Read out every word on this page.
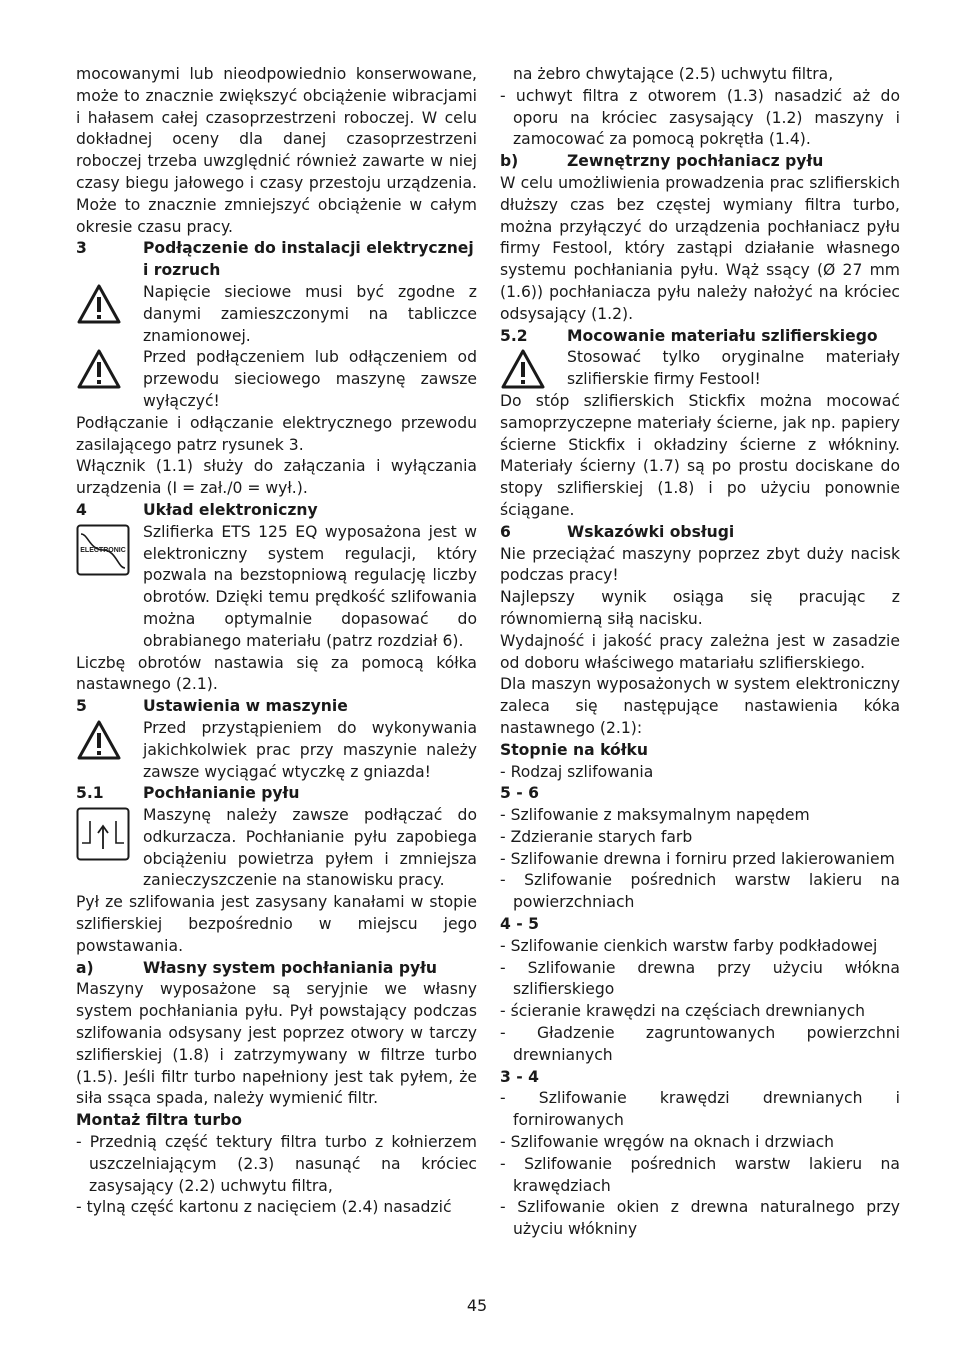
mocowanymi lub nieodpowiednio konserwowane, może to znacznie zwiększyć obciążenie wibracjami i hałasem całej czasoprzestrzeni roboczej. W celu dokładnej oceny dla danej czasoprzestrzeni roboczej trzeba uwzględnić również zawarte w niej czasy biegu jałowego i czasy przestoju urządzenia. Może to znacznie zmniejszyć obciążenie w całym okresie czasu pracy.

3	Podłączenie do instalacji elektrycznej i rozruch

Napięcie sieciowe musi być zgodne z danymi zamieszczonymi na tabliczce znamionowej.

Przed podłączeniem lub odłączeniem od przewodu sieciowego maszynę zawsze wyłączyć!

Podłączanie i odłączanie elektrycznego przewodu zasilającego patrz rysunek 3.

Włącznik (1.1) służy do załączania i wyłączania urządzenia (I = zał./0 = wył.).

4	Układ elektroniczny
ELECTRONIC

Szlifierka ETS 125 EQ wyposażona jest w elektroniczny system regulacji, który pozwala na bezstopniową regulację liczby obrotów. Dzięki temu prędkość szlifowania można optymalnie dopasować do obrabianego materiału (patrz rozdział 6).

Liczbę obrotów nastawia się za pomocą kółka nastawnego (2.1).

5	Ustawienia w maszynie

Przed przystąpieniem do wykonywania jakichkolwiek prac przy maszynie należy zawsze wyciągać wtyczkę z gniazda!

5.1	Pochłanianie pyłu

Maszynę należy zawsze podłączać do odkurzacza. Pochłanianie pyłu zapobiega obciążeniu powietrza pyłem i zmniejsza zanieczyszczenie na stanowisku pracy.

Pył ze szlifowania jest zasysany kanałami w stopie szlifierskiej bezpośrednio w miejscu jego powstawania.

a)	Własny system pochłaniania pyłu

Maszyny wyposażone są seryjnie we własny system pochłaniania pyłu. Pył powstający podczas szlifowania odsysany jest poprzez otwory w tarczy szlifierskiej (1.8) i zatrzymywany w filtrze turbo (1.5). Jeśli filtr turbo napełniony jest tak pyłem, że siła ssąca spada, należy wymienić filtr.

Montaż filtra turbo

- Przednią część tektury filtra turbo z kołnierzem uszczelniającym (2.3) nasunąć na króciec zasysający (2.2) uchwytu filtra,
- tylną część kartonu z nacięciem (2.4) nasadzić

na żebro chwytające (2.5) uchwytu filtra,

- uchwyt filtra z otworem (1.3) nasadzić aż do oporu na króciec zasysający (1.2) maszyny i zamocować za pomocą pokrętła (1.4).
b)	Zewnętrzny pochłaniacz pyłu

W celu umożliwienia prowadzenia prac szlifierskich dłuższy czas bez częstej wymiany filtra turbo, można przyłączyć do urządzenia pochłaniacz pyłu firmy Festool, który zastąpi działanie własnego systemu pochłaniania pyłu. Wąż ssący (Ø 27 mm (1.6)) pochłaniacza pyłu należy nałożyć na króciec odsysający (1.2).

5.2	Mocowanie materiału szlifierskiego

Stosować tylko oryginalne materiały szlifierskie firmy Festool!

Do stóp szlifierskich Stickfix można mocować samoprzyczepne materiały ścierne, jak np. papiery ścierne Stickfix i okładziny ścierne z włókniny. Materiały ścierny (1.7) są po prostu dociskane do stopy szlifierskiej (1.8) i po użyciu ponownie ściągane.

6	Wskazówki obsługi

Nie przeciążać maszyny poprzez zbyt duży nacisk podczas pracy!

Najlepszy wynik osiąga się pracując z równomierną siłą nacisku.

Wydajność i jakość pracy zależna jest w zasadzie od doboru właściwego matariału szlifierskiego.

Dla maszyn wyposażonych w system elektroniczny zaleca się następujące nastawienia kóka nastawnego (2.1):

Stopnie na kółku

- Rodzaj szlifowania

5 - 6

- Szlifowanie z maksymalnym napędem
- Zdzieranie starych farb
- Szlifowanie drewna i forniru przed lakierowaniem
- Szlifowanie pośrednich warstw lakieru na powierzchniach

4 - 5

- Szlifowanie cienkich warstw farby podkładowej
- Szlifowanie drewna przy użyciu włókna szlifierskiego
- ścieranie krawędzi na częściach drewnianych
- Gładzenie zagruntowanych powierzchni drewnianych

3 - 4

- Szlifowanie krawędzi drewnianych i fornirowanych
- Szlifowanie wręgów na oknach i drzwiach
- Szlifowanie pośrednich warstw lakieru na krawędziach
- Szlifowanie okien z drewna naturalnego przy użyciu włókniny
45
